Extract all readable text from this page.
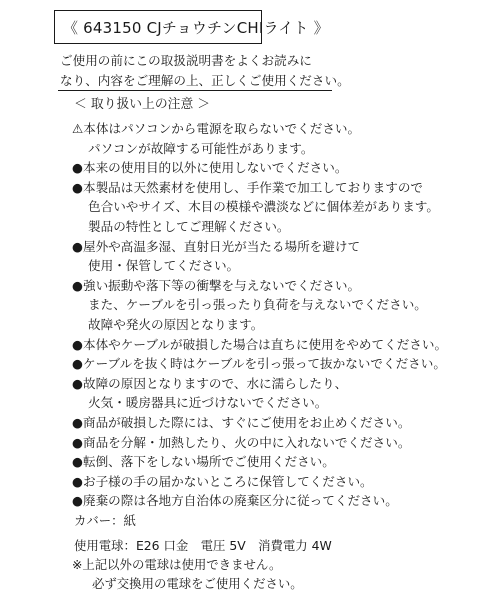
《 643150 CJチョウチンCHIライト 》
ご使用の前にこの取扱説明書をよくお読みに
なり、内容をご理解の上、正しくご使用ください。
＜ 取り扱い上の注意 ＞
⚠本体はパソコンから電源を取らないでください。
パソコンが故障する可能性があります。
●本来の使用目的以外に使用しないでください。
●本製品は天然素材を使用し、手作業で加工しておりますので
色合いやサイズ、木目の模様や濃淡などに個体差があります。
製品の特性としてご理解ください。
●屋外や高温多湿、直射日光が当たる場所を避けて
使用・保管してください。
●強い振動や落下等の衝撃を与えないでください。
また、ケーブルを引っ張ったり負荷を与えないでください。
故障や発火の原因となります。
●本体やケーブルが破損した場合は直ちに使用をやめてください。
●ケーブルを抜く時はケーブルを引っ張って抜かないでください。
●故障の原因となりますので、水に濡らしたり、
火気・暖房器具に近づけないでください。
●商品が破損した際には、すぐにご使用をお止めください。
●商品を分解・加熱したり、火の中に入れないでください。
●転倒、落下をしない場所でご使用ください。
●お子様の手の届かないところに保管してください。
●廃棄の際は各地方自治体の廃棄区分に従ってください。
カバー：紙
使用電球：E26 口金　電圧 5V　消費電力 4W
※上記以外の電球は使用できません。
必ず交換用の電球をご使用ください。
